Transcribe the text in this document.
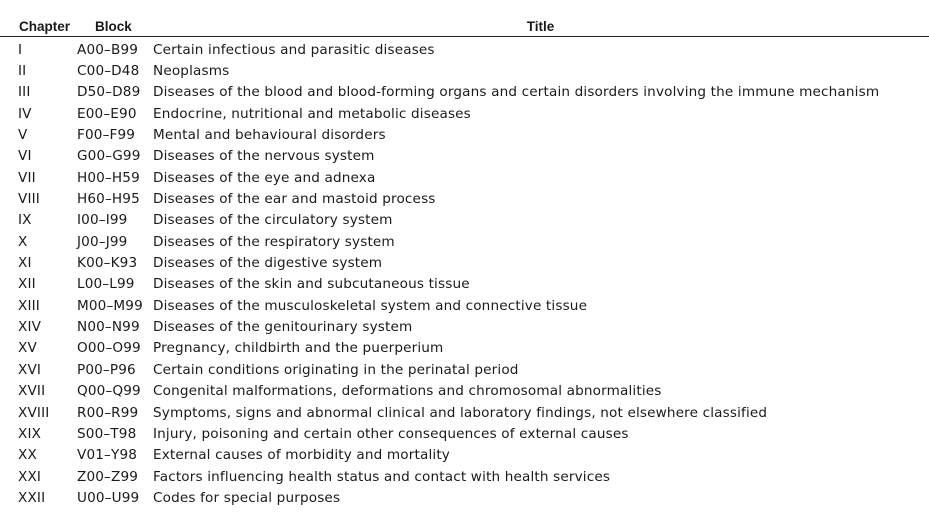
Chapter	Block	Title
I	A00–B99	Certain infectious and parasitic diseases
II	C00–D48	Neoplasms
III	D50–D89	Diseases of the blood and blood-forming organs and certain disorders involving the immune mechanism
IV	E00–E90	Endocrine, nutritional and metabolic diseases
V	F00–F99	Mental and behavioural disorders
VI	G00–G99	Diseases of the nervous system
VII	H00–H59	Diseases of the eye and adnexa
VIII	H60–H95	Diseases of the ear and mastoid process
IX	I00–I99	Diseases of the circulatory system
X	J00–J99	Diseases of the respiratory system
XI	K00–K93	Diseases of the digestive system
XII	L00–L99	Diseases of the skin and subcutaneous tissue
XIII	M00–M99	Diseases of the musculoskeletal system and connective tissue
XIV	N00–N99	Diseases of the genitourinary system
XV	O00–O99	Pregnancy, childbirth and the puerperium
XVI	P00–P96	Certain conditions originating in the perinatal period
XVII	Q00–Q99	Congenital malformations, deformations and chromosomal abnormalities
XVIII	R00–R99	Symptoms, signs and abnormal clinical and laboratory findings, not elsewhere classified
XIX	S00–T98	Injury, poisoning and certain other consequences of external causes
XX	V01–Y98	External causes of morbidity and mortality
XXI	Z00–Z99	Factors influencing health status and contact with health services
XXII	U00–U99	Codes for special purposes
